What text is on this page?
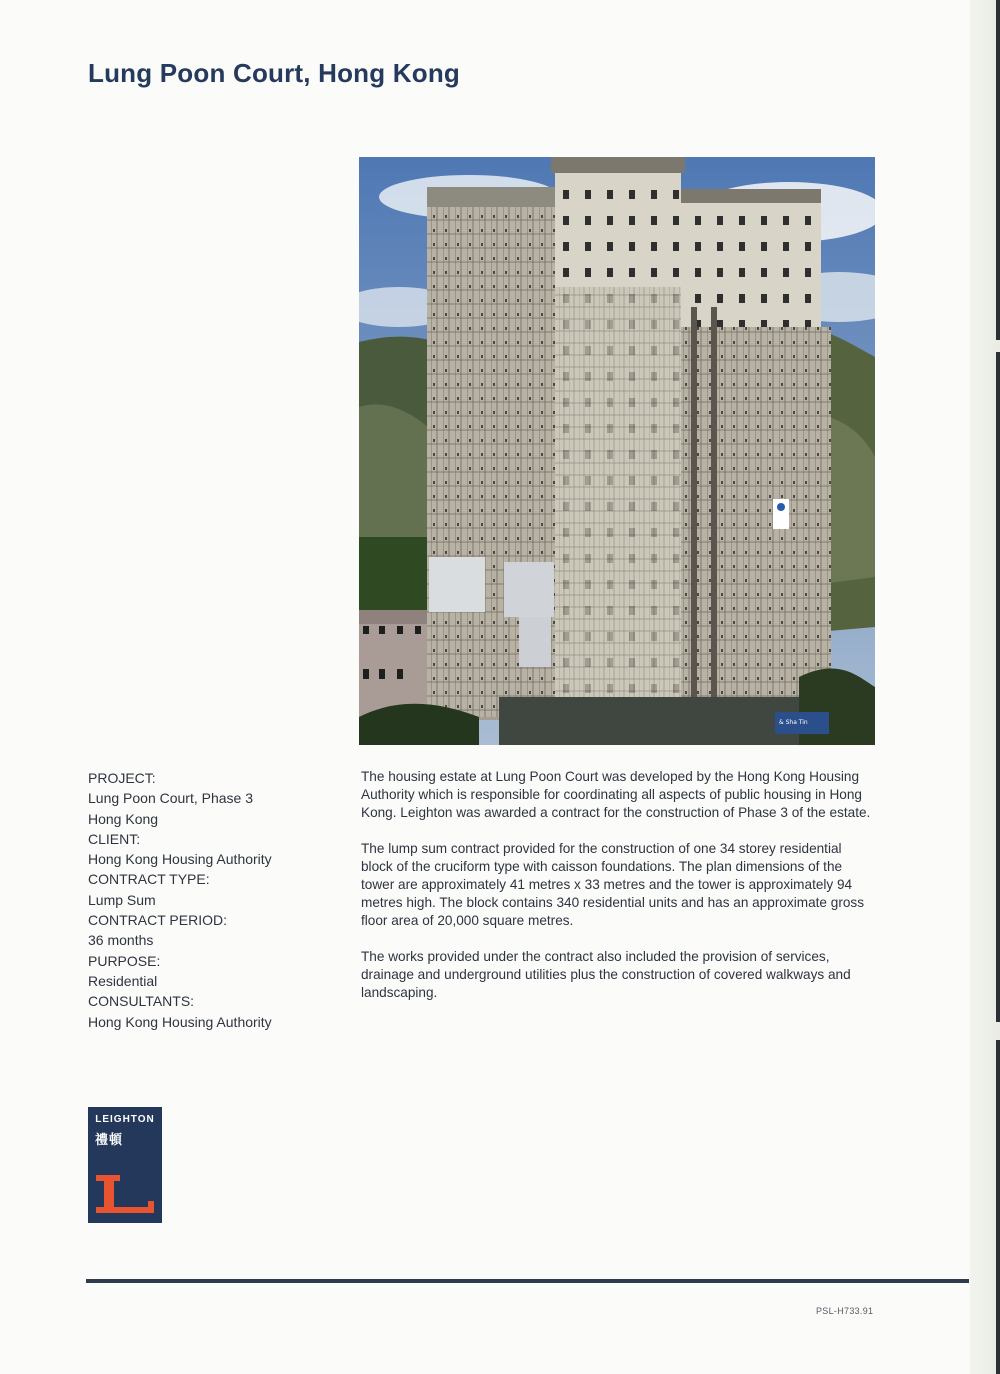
Lung Poon Court, Hong Kong
& Sha Tin
PROJECT:
Lung Poon Court, Phase 3
Hong Kong
CLIENT:
Hong Kong Housing Authority
CONTRACT TYPE:
Lump Sum
CONTRACT PERIOD:
36 months
PURPOSE:
Residential
CONSULTANTS:
Hong Kong Housing Authority

The housing estate at Lung Poon Court was developed by the Hong Kong Housing Authority which is responsible for coordinating all aspects of public housing in Hong Kong. Leighton was awarded a contract for the construction of Phase 3 of the estate.

The lump sum contract provided for the construction of one 34 storey residential block of the cruciform type with caisson foundations. The plan dimensions of the tower are approximately 41 metres x 33 metres and the tower is approximately 94 metres high. The block contains 340 residential units and has an approximate gross floor area of 20,000 square metres.

The works provided under the contract also included the provision of services, drainage and underground utilities plus the construction of covered walkways and landscaping.

LEIGHTON
禮頓
PSL-H733.91
